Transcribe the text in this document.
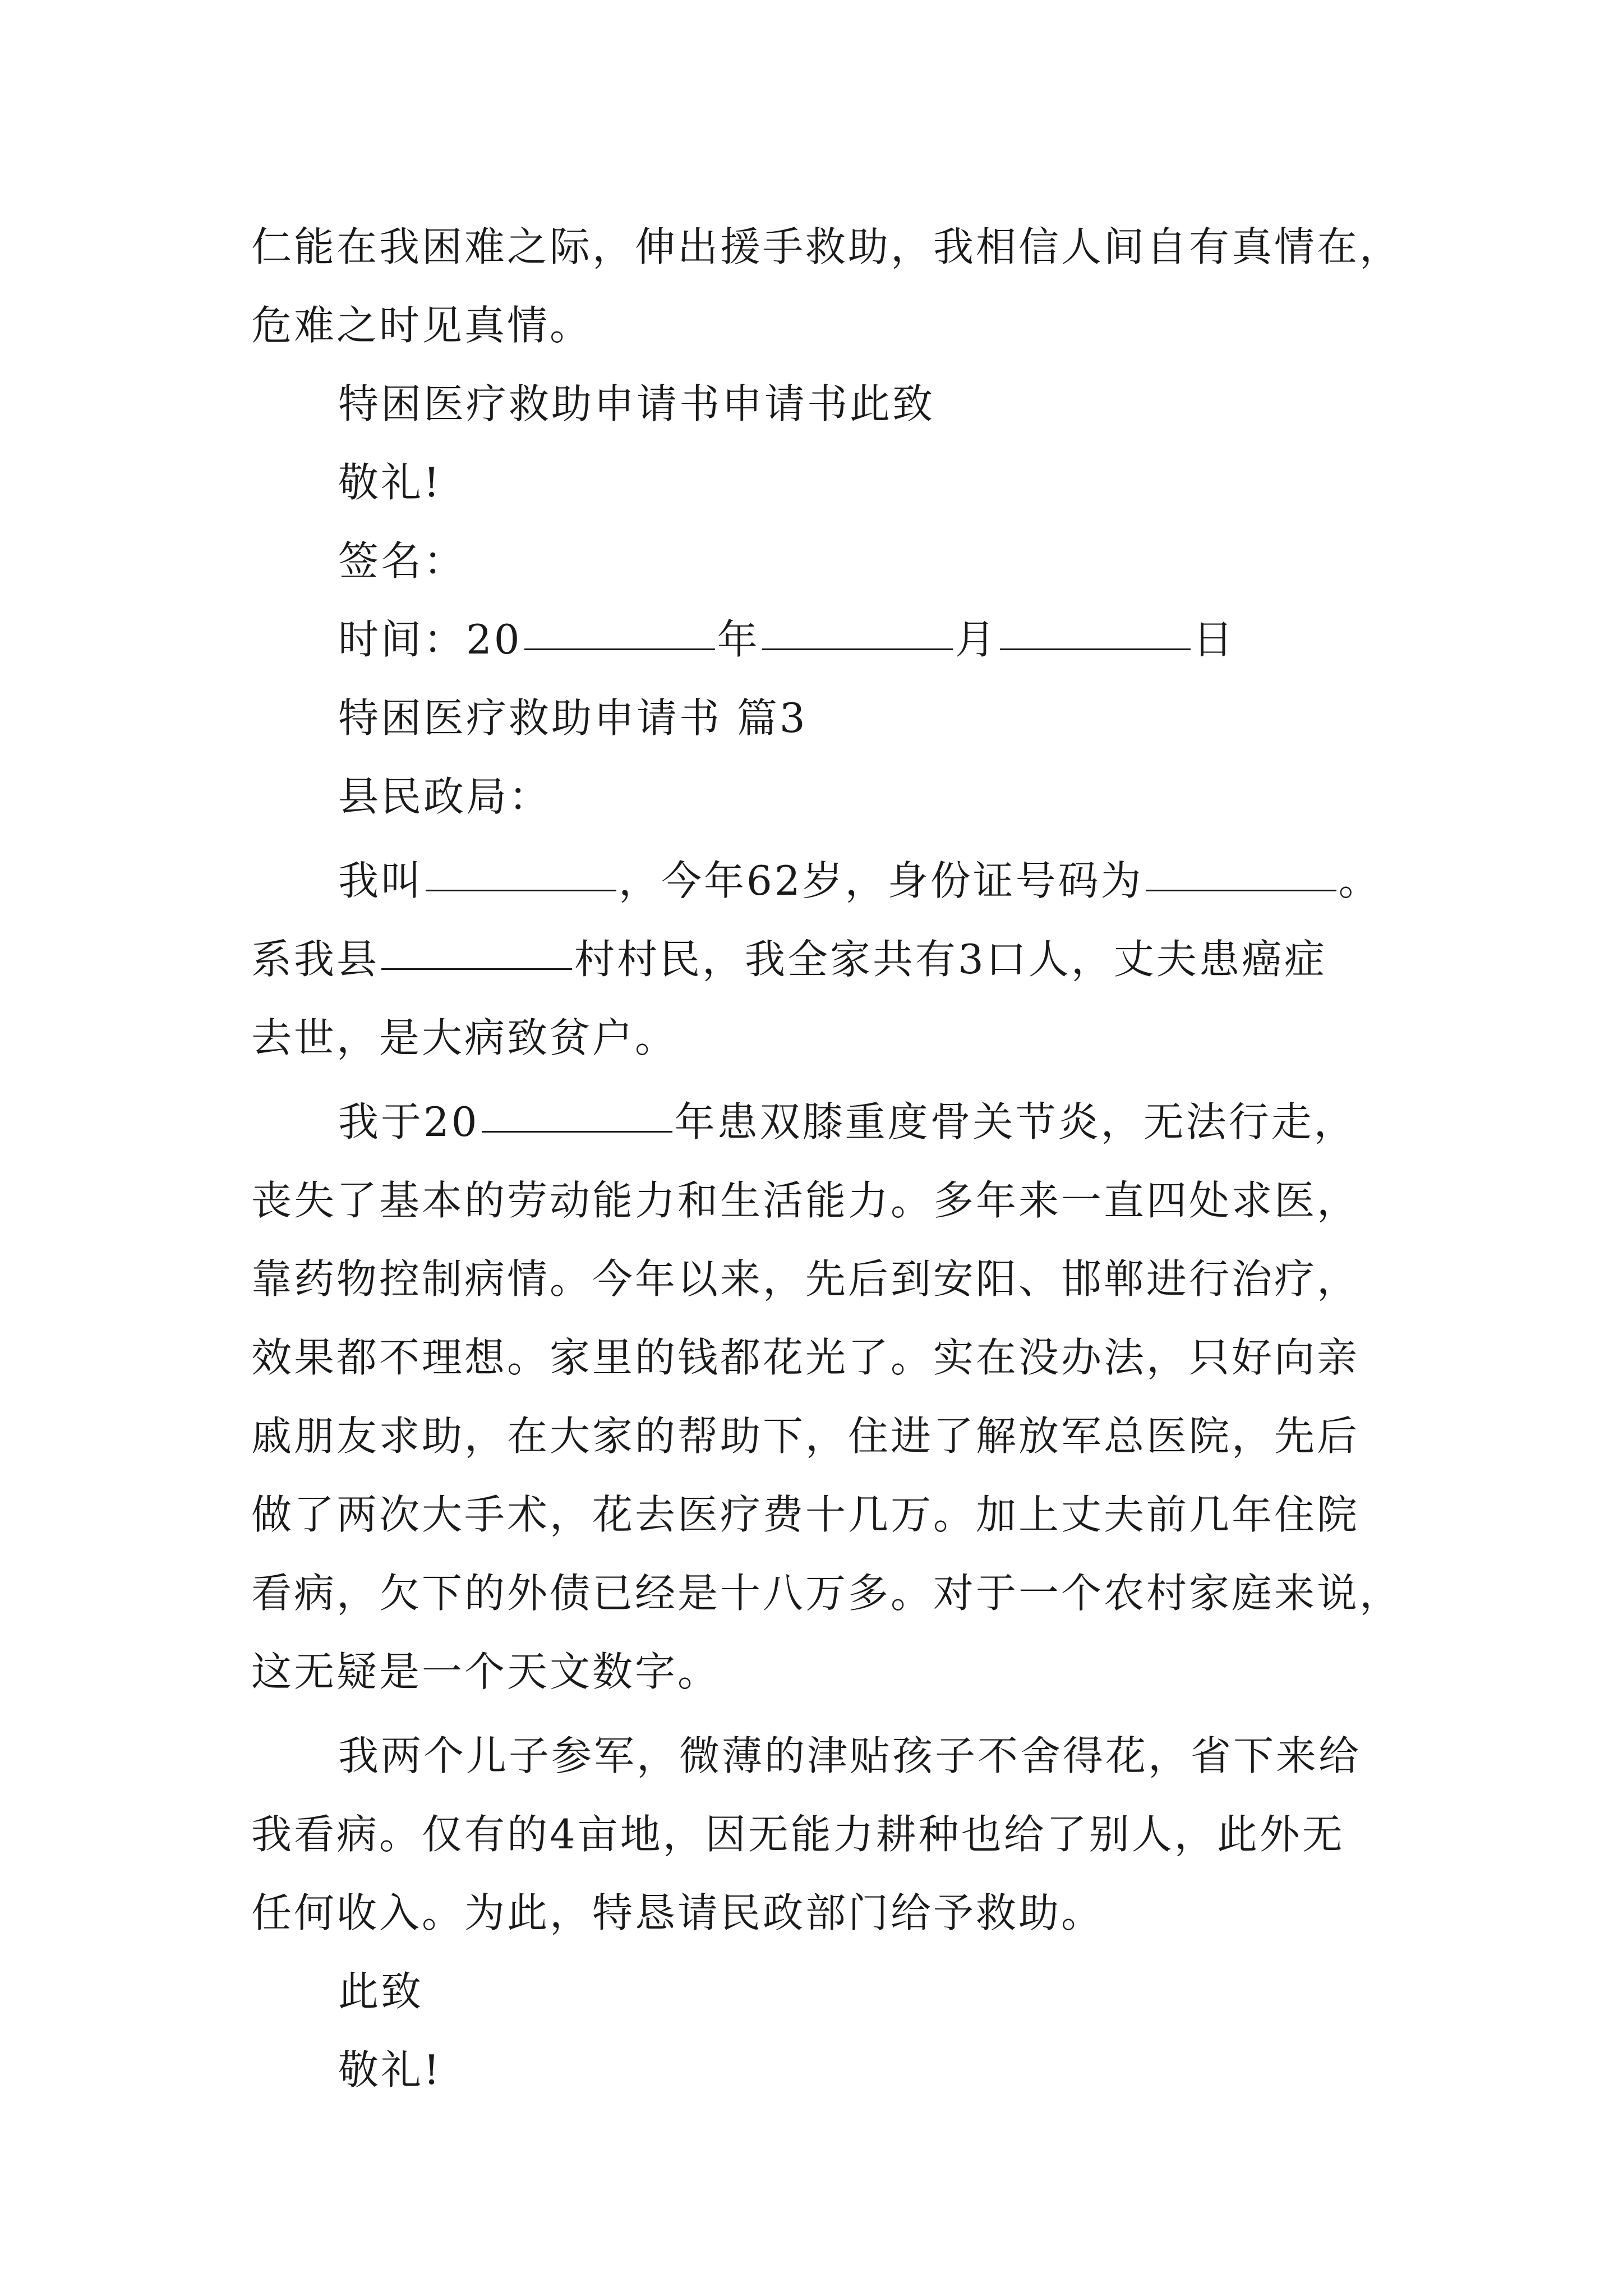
仁能在我困难之际，伸出援手救助，我相信人间自有真情在，
危难之时见真情。
特困医疗救助申请书申请书此致
敬礼!
签名：
时间：20	年	月	日
特困医疗救助申请书 篇3
县民政局：
我叫	，今年62岁，身份证号码为	。
系我县	村村民，我全家共有3口人，丈夫患癌症
去世，是大病致贫户。
我于20	年患双膝重度骨关节炎，无法行走，
丧失了基本的劳动能力和生活能力。多年来一直四处求医，
靠药物控制病情。今年以来，先后到安阳、邯郸进行治疗，
效果都不理想。家里的钱都花光了。实在没办法，只好向亲
戚朋友求助，在大家的帮助下，住进了解放军总医院，先后
做了两次大手术，花去医疗费十几万。加上丈夫前几年住院
看病，欠下的外债已经是十八万多。对于一个农村家庭来说，
这无疑是一个天文数字。
我两个儿子参军，微薄的津贴孩子不舍得花，省下来给
我看病。仅有的4亩地，因无能力耕种也给了别人，此外无
任何收入。为此，特恳请民政部门给予救助。
此致
敬礼!
